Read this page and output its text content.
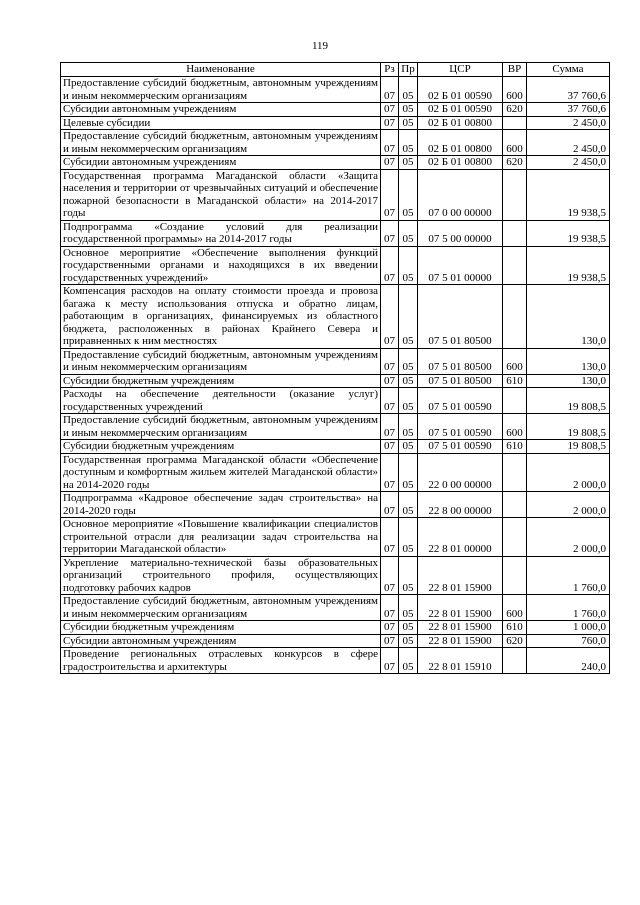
119
Наименование	Рз	Пр	ЦСР	ВР	Сумма
Предоставление субсидий бюджетным, автономным учреждениям и иным некоммерческим организациям	07	05	02 Б 01 00590	600	37 760,6
Субсидии автономным учреждениям	07	05	02 Б 01 00590	620	37 760,6
Целевые субсидии	07	05	02 Б 01 00800		2 450,0
Предоставление субсидий бюджетным, автономным учреждениям и иным некоммерческим организациям	07	05	02 Б 01 00800	600	2 450,0
Субсидии автономным учреждениям	07	05	02 Б 01 00800	620	2 450,0
Государственная программа Магаданской области «Защита населения и территории от чрезвычайных ситуаций и обеспечение пожарной безопасности в Магаданской области» на 2014-2017 годы	07	05	07 0 00 00000		19 938,5
Подпрограмма «Создание условий для реализации государственной программы» на 2014-2017 годы	07	05	07 5 00 00000		19 938,5
Основное мероприятие «Обеспечение выполнения функций государственными органами и находящихся в их введении государственных учреждений»	07	05	07 5 01 00000		19 938,5
Компенсация расходов на оплату стоимости проезда и провоза багажа к месту использования отпуска и обратно лицам, работающим в организациях, финансируемых из областного бюджета, расположенных в районах Крайнего Севера и приравненных к ним местностях	07	05	07 5 01 80500		130,0
Предоставление субсидий бюджетным, автономным учреждениям и иным некоммерческим организациям	07	05	07 5 01 80500	600	130,0
Субсидии бюджетным учреждениям	07	05	07 5 01 80500	610	130,0
Расходы на обеспечение деятельности (оказание услуг) государственных учреждений	07	05	07 5 01 00590		19 808,5
Предоставление субсидий бюджетным, автономным учреждениям и иным некоммерческим организациям	07	05	07 5 01 00590	600	19 808,5
Субсидии бюджетным учреждениям	07	05	07 5 01 00590	610	19 808,5
Государственная программа Магаданской области «Обеспечение доступным и комфортным жильем жителей Магаданской области» на 2014-2020 годы	07	05	22 0 00 00000		2 000,0
Подпрограмма «Кадровое обеспечение задач строительства» на 2014-2020 годы	07	05	22 8 00 00000		2 000,0
Основное мероприятие «Повышение квалификации специалистов строительной отрасли для реализации задач строительства на территории Магаданской области»	07	05	22 8 01 00000		2 000,0
Укрепление материально-технической базы образовательных организаций строительного профиля, осуществляющих подготовку рабочих кадров	07	05	22 8 01 15900		1 760,0
Предоставление субсидий бюджетным, автономным учреждениям и иным некоммерческим организациям	07	05	22 8 01 15900	600	1 760,0
Субсидии бюджетным учреждениям	07	05	22 8 01 15900	610	1 000,0
Субсидии автономным учреждениям	07	05	22 8 01 15900	620	760,0
Проведение региональных отраслевых конкурсов в сфере градостроительства и архитектуры	07	05	22 8 01 15910		240,0
